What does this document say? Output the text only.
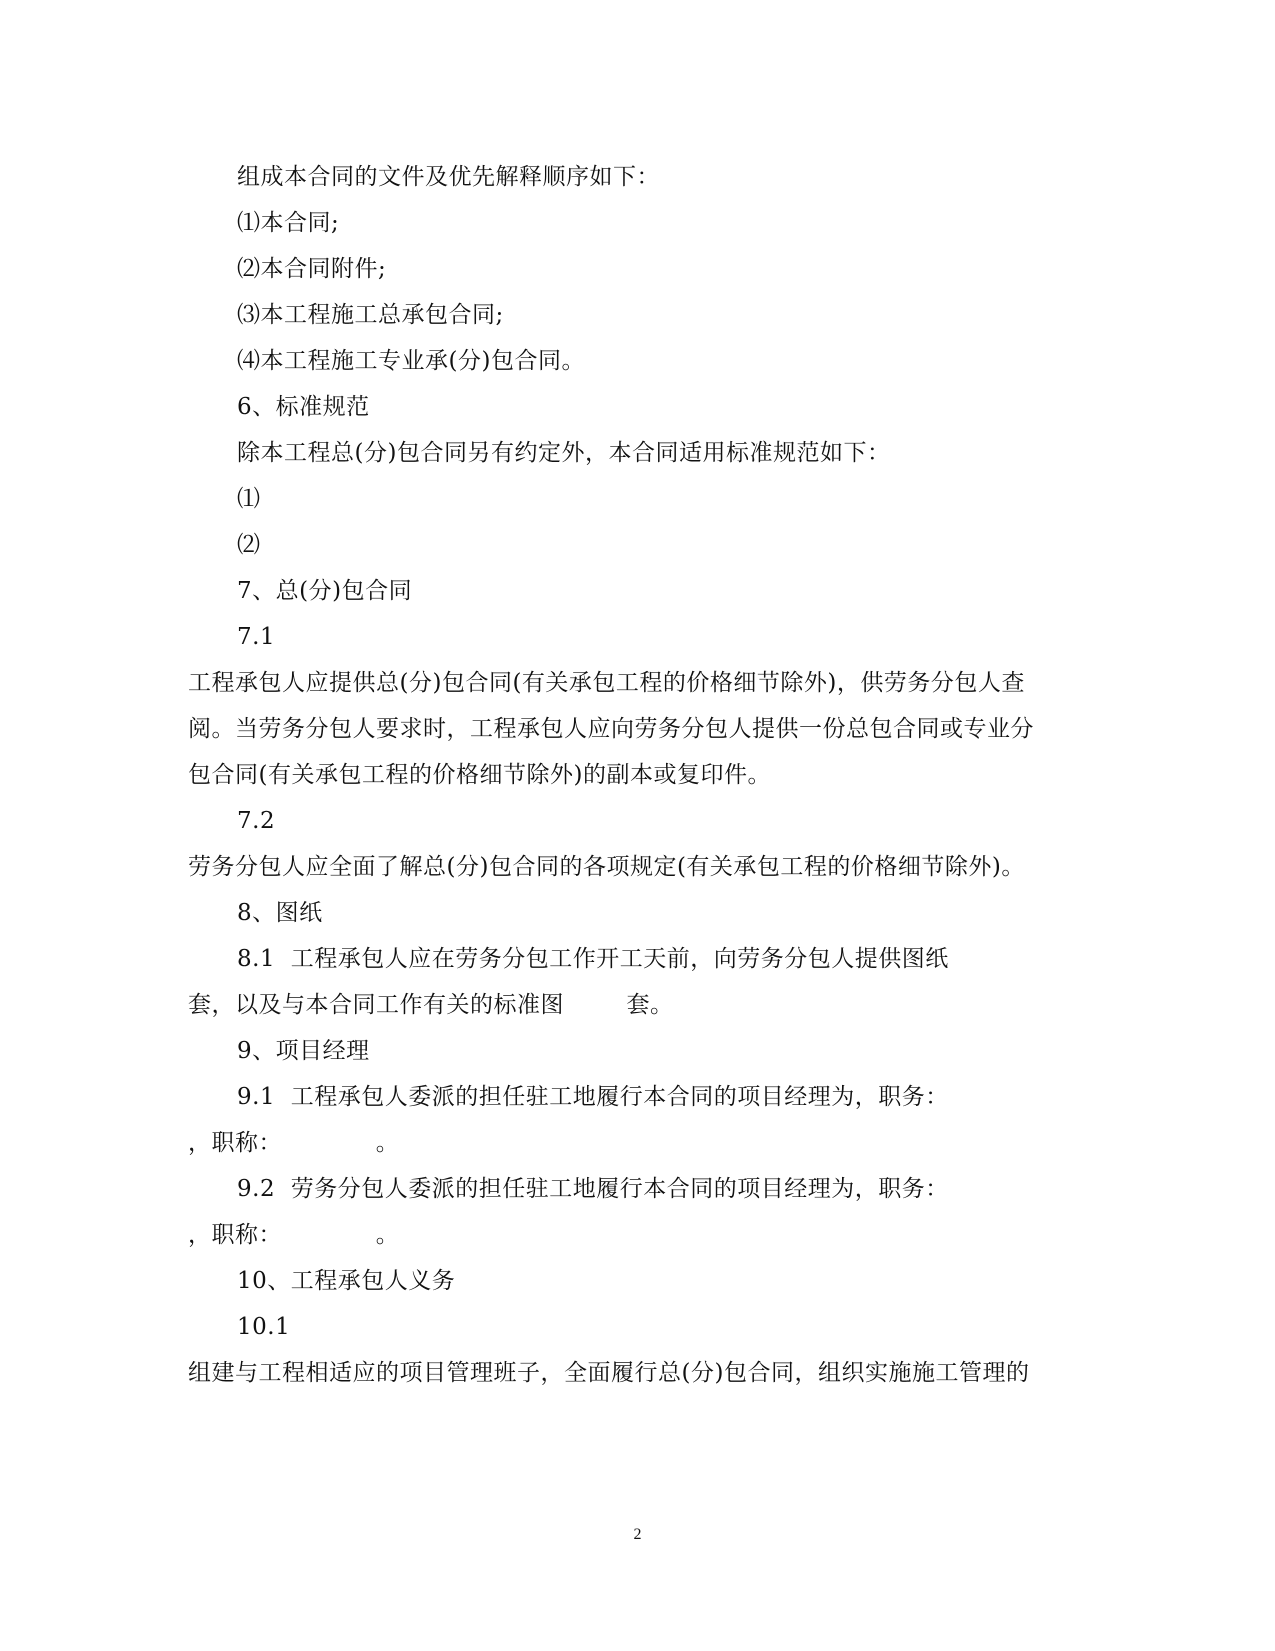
组成本合同的文件及优先解释顺序如下：
⑴本合同;
⑵本合同附件;
⑶本工程施工总承包合同;
⑷本工程施工专业承(分)包合同。
6、标准规范
除本工程总(分)包合同另有约定外，本合同适用标准规范如下：
⑴
⑵
7、总(分)包合同
7.1
工程承包人应提供总(分)包合同(有关承包工程的价格细节除外)，供劳务分包人查
阅。当劳务分包人要求时，工程承包人应向劳务分包人提供一份总包合同或专业分
包合同(有关承包工程的价格细节除外)的副本或复印件。
7.2
劳务分包人应全面了解总(分)包合同的各项规定(有关承包工程的价格细节除外)。
8、图纸
8.1  工程承包人应在劳务分包工作开工天前，向劳务分包人提供图纸
套，以及与本合同工作有关的标准图        套。
9、项目经理
9.1  工程承包人委派的担任驻工地履行本合同的项目经理为，职务：
，职称：            。
9.2  劳务分包人委派的担任驻工地履行本合同的项目经理为，职务：
，职称：            。
10、工程承包人义务
10.1
组建与工程相适应的项目管理班子，全面履行总(分)包合同，组织实施施工管理的
2
